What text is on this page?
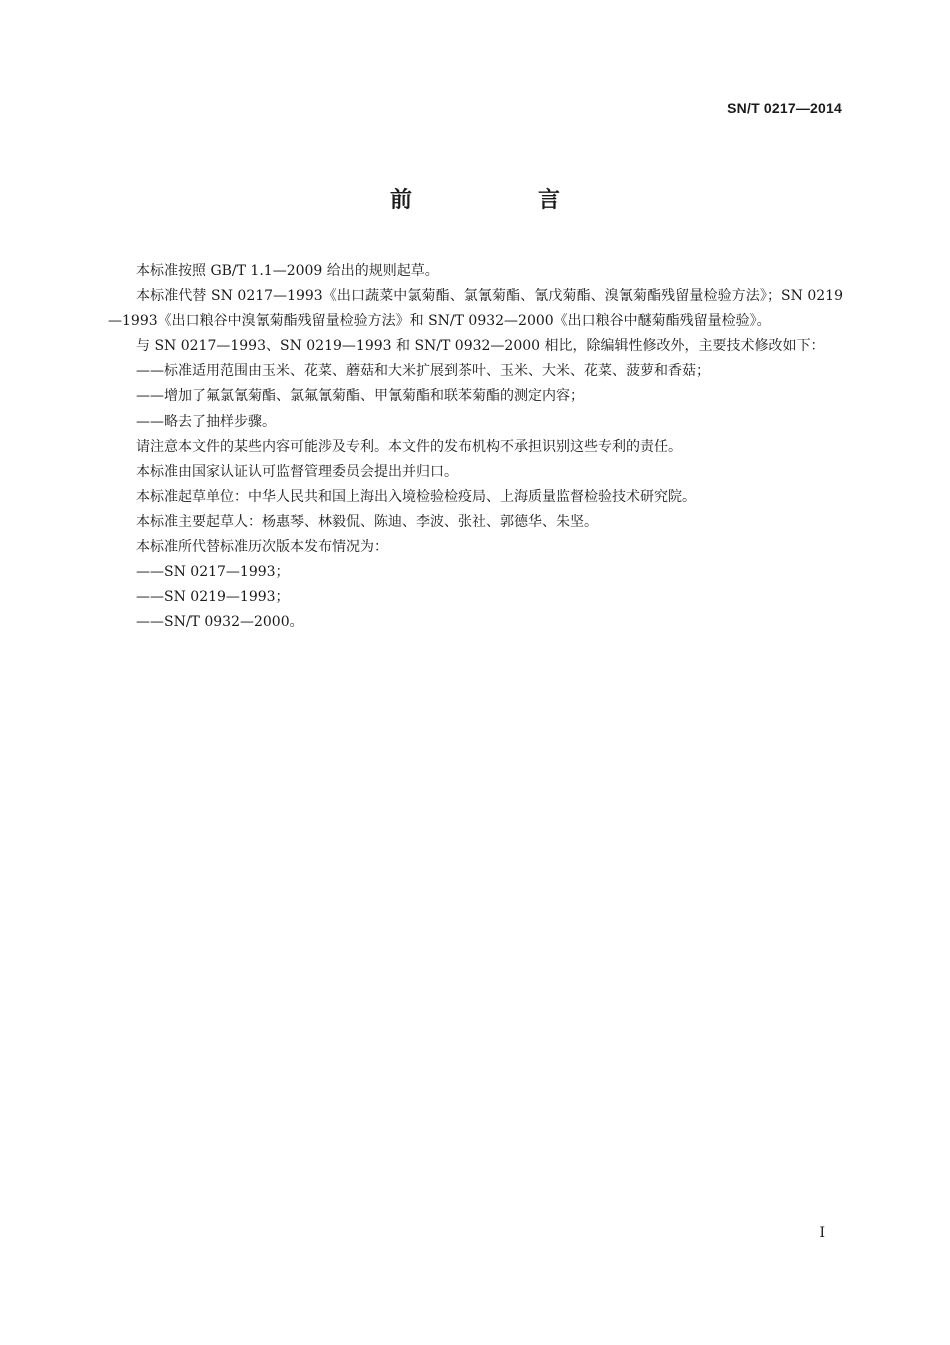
SN/T 0217—2014
前　言

本标准按照 GB/T 1.1—2009 给出的规则起草。

本标准代替 SN 0217—1993《出口蔬菜中氯菊酯、氯氰菊酯、氰戊菊酯、溴氰菊酯残留量检验方法》；SN 0219—1993《出口粮谷中溴氰菊酯残留量检验方法》和 SN/T 0932—2000《出口粮谷中醚菊酯残留量检验》。

与 SN 0217—1993、SN 0219—1993 和 SN/T 0932—2000 相比，除编辑性修改外，主要技术修改如下：

——标准适用范围由玉米、花菜、蘑菇和大米扩展到茶叶、玉米、大米、花菜、菠萝和香菇；

——增加了氟氯氰菊酯、氯氟氰菊酯、甲氰菊酯和联苯菊酯的测定内容；

——略去了抽样步骤。

请注意本文件的某些内容可能涉及专利。本文件的发布机构不承担识别这些专利的责任。

本标准由国家认证认可监督管理委员会提出并归口。

本标准起草单位：中华人民共和国上海出入境检验检疫局、上海质量监督检验技术研究院。

本标准主要起草人：杨惠琴、林毅侃、陈迪、李波、张社、郭德华、朱坚。

本标准所代替标准历次版本发布情况为：

——SN 0217—1993；

——SN 0219—1993；

——SN/T 0932—2000。

I
